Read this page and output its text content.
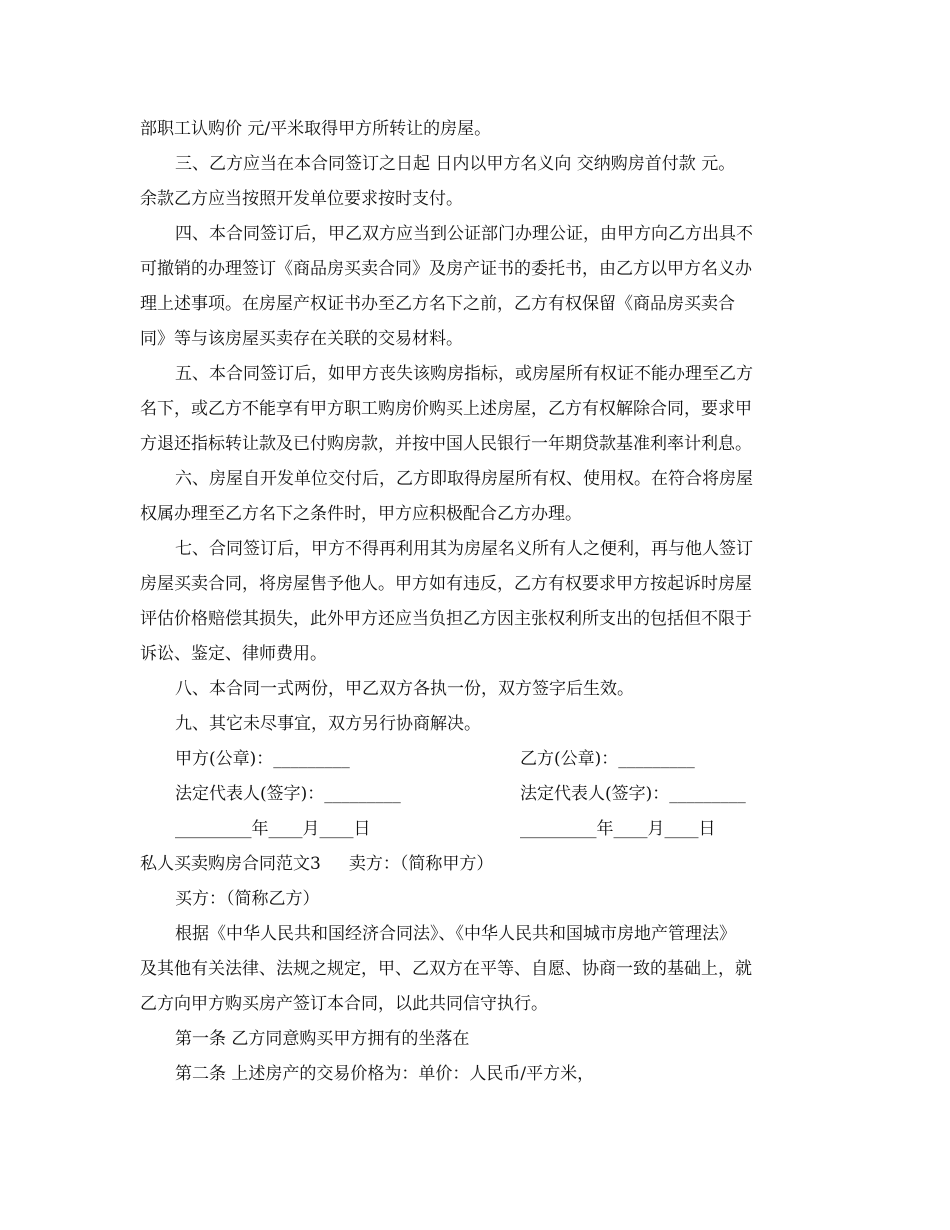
部职工认购价 元/平米取得甲方所转让的房屋。
三、乙方应当在本合同签订之日起 日内以甲方名义向 交纳购房首付款 元。
余款乙方应当按照开发单位要求按时支付。
四、本合同签订后，甲乙双方应当到公证部门办理公证，由甲方向乙方出具不
可撤销的办理签订《商品房买卖合同》及房产证书的委托书，由乙方以甲方名义办
理上述事项。在房屋产权证书办至乙方名下之前，乙方有权保留《商品房买卖合
同》等与该房屋买卖存在关联的交易材料。
五、本合同签订后，如甲方丧失该购房指标，或房屋所有权证不能办理至乙方
名下，或乙方不能享有甲方职工购房价购买上述房屋，乙方有权解除合同，要求甲
方退还指标转让款及已付购房款，并按中国人民银行一年期贷款基准利率计利息。
六、房屋自开发单位交付后，乙方即取得房屋所有权、使用权。在符合将房屋
权属办理至乙方名下之条件时，甲方应积极配合乙方办理。
七、合同签订后，甲方不得再利用其为房屋名义所有人之便利，再与他人签订
房屋买卖合同，将房屋售予他人。甲方如有违反，乙方有权要求甲方按起诉时房屋
评估价格赔偿其损失，此外甲方还应当负担乙方因主张权利所支出的包括但不限于
诉讼、鉴定、律师费用。
八、本合同一式两份，甲乙双方各执一份，双方签字后生效。
九、其它未尽事宜，双方另行协商解决。
甲方(公章)：_________	乙方(公章)：_________
法定代表人(签字)：_________	法定代表人(签字)：_________
_________年____月____日	_________年____月____日
私人买卖购房合同范文3 卖方：（简称甲方）
买方：（简称乙方）
根据《中华人民共和国经济合同法》、《中华人民共和国城市房地产管理法》
及其他有关法律、法规之规定，甲、乙双方在平等、自愿、协商一致的基础上，就
乙方向甲方购买房产签订本合同，以此共同信守执行。
第一条 乙方同意购买甲方拥有的坐落在
第二条 上述房产的交易价格为：单价：人民币/平方米，
